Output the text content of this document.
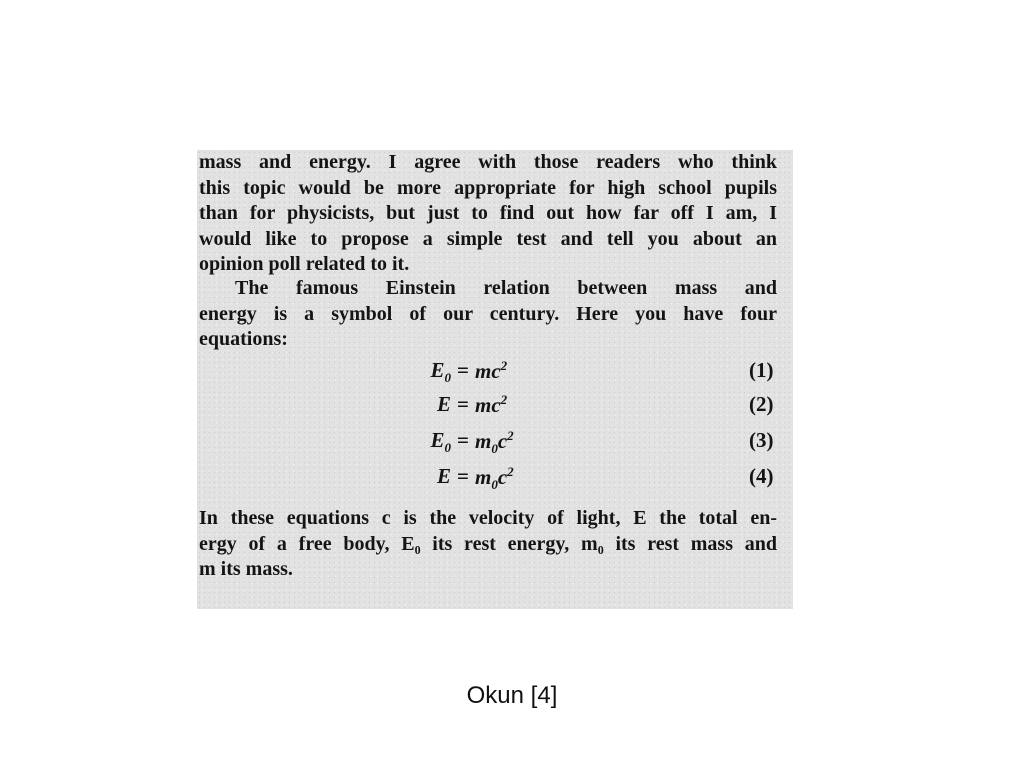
mass and energy. I agree with those readers who think
this topic would be more appropriate for high school pupils
than for physicists, but just to find out how far off I am, I
would like to propose a simple test and tell you about an
opinion poll related to it.

The famous Einstein relation between mass and
energy is a symbol of our century. Here you have four
equations:

$E_0 = mc^2$	(1)
$E = mc^2$	(2)
$E_0 = m_0c^2$	(3)
$E = m_0c^2$	(4)

In these equations c is the velocity of light, E the total en-
ergy of a free body, E₀ its rest energy, m₀ its rest mass and
m its mass.

Okun [4]
